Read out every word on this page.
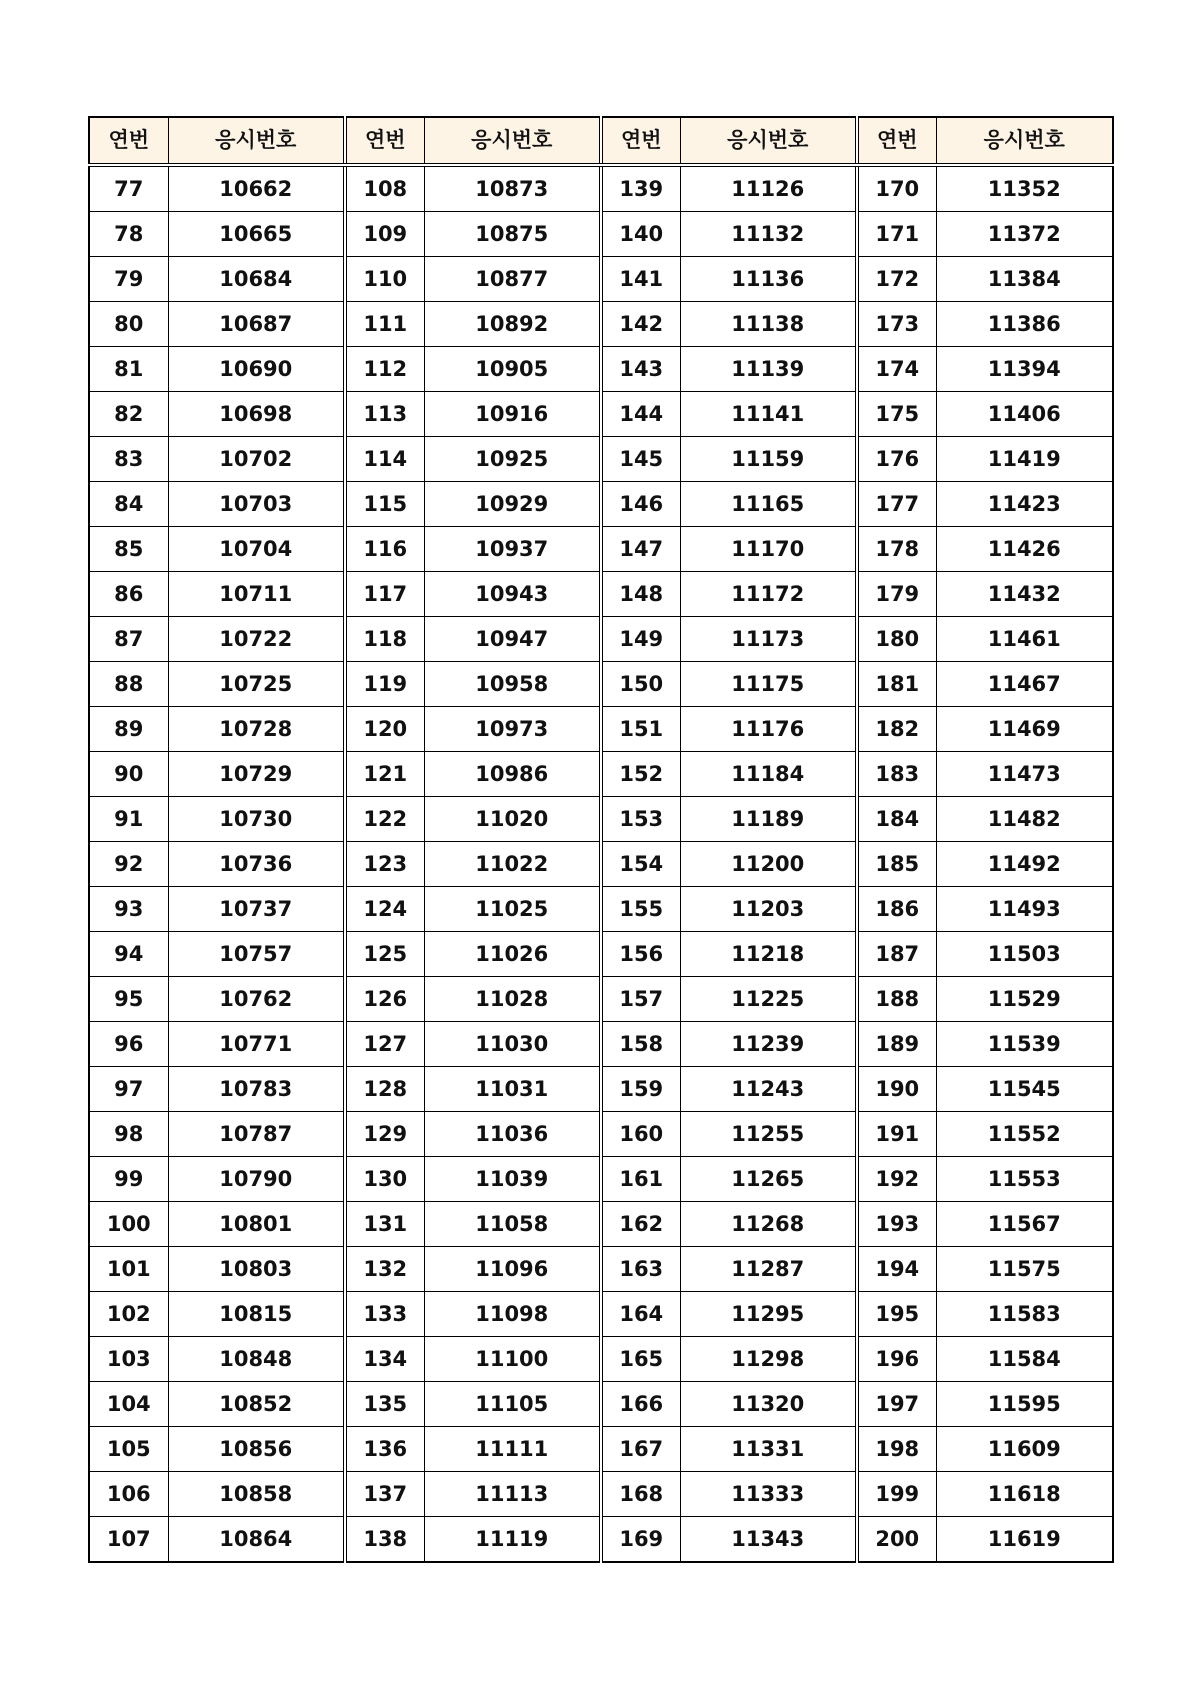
연번	응시번호	연번	응시번호	연번	응시번호	연번	응시번호
77	10662	108	10873	139	11126	170	11352
78	10665	109	10875	140	11132	171	11372
79	10684	110	10877	141	11136	172	11384
80	10687	111	10892	142	11138	173	11386
81	10690	112	10905	143	11139	174	11394
82	10698	113	10916	144	11141	175	11406
83	10702	114	10925	145	11159	176	11419
84	10703	115	10929	146	11165	177	11423
85	10704	116	10937	147	11170	178	11426
86	10711	117	10943	148	11172	179	11432
87	10722	118	10947	149	11173	180	11461
88	10725	119	10958	150	11175	181	11467
89	10728	120	10973	151	11176	182	11469
90	10729	121	10986	152	11184	183	11473
91	10730	122	11020	153	11189	184	11482
92	10736	123	11022	154	11200	185	11492
93	10737	124	11025	155	11203	186	11493
94	10757	125	11026	156	11218	187	11503
95	10762	126	11028	157	11225	188	11529
96	10771	127	11030	158	11239	189	11539
97	10783	128	11031	159	11243	190	11545
98	10787	129	11036	160	11255	191	11552
99	10790	130	11039	161	11265	192	11553
100	10801	131	11058	162	11268	193	11567
101	10803	132	11096	163	11287	194	11575
102	10815	133	11098	164	11295	195	11583
103	10848	134	11100	165	11298	196	11584
104	10852	135	11105	166	11320	197	11595
105	10856	136	11111	167	11331	198	11609
106	10858	137	11113	168	11333	199	11618
107	10864	138	11119	169	11343	200	11619
